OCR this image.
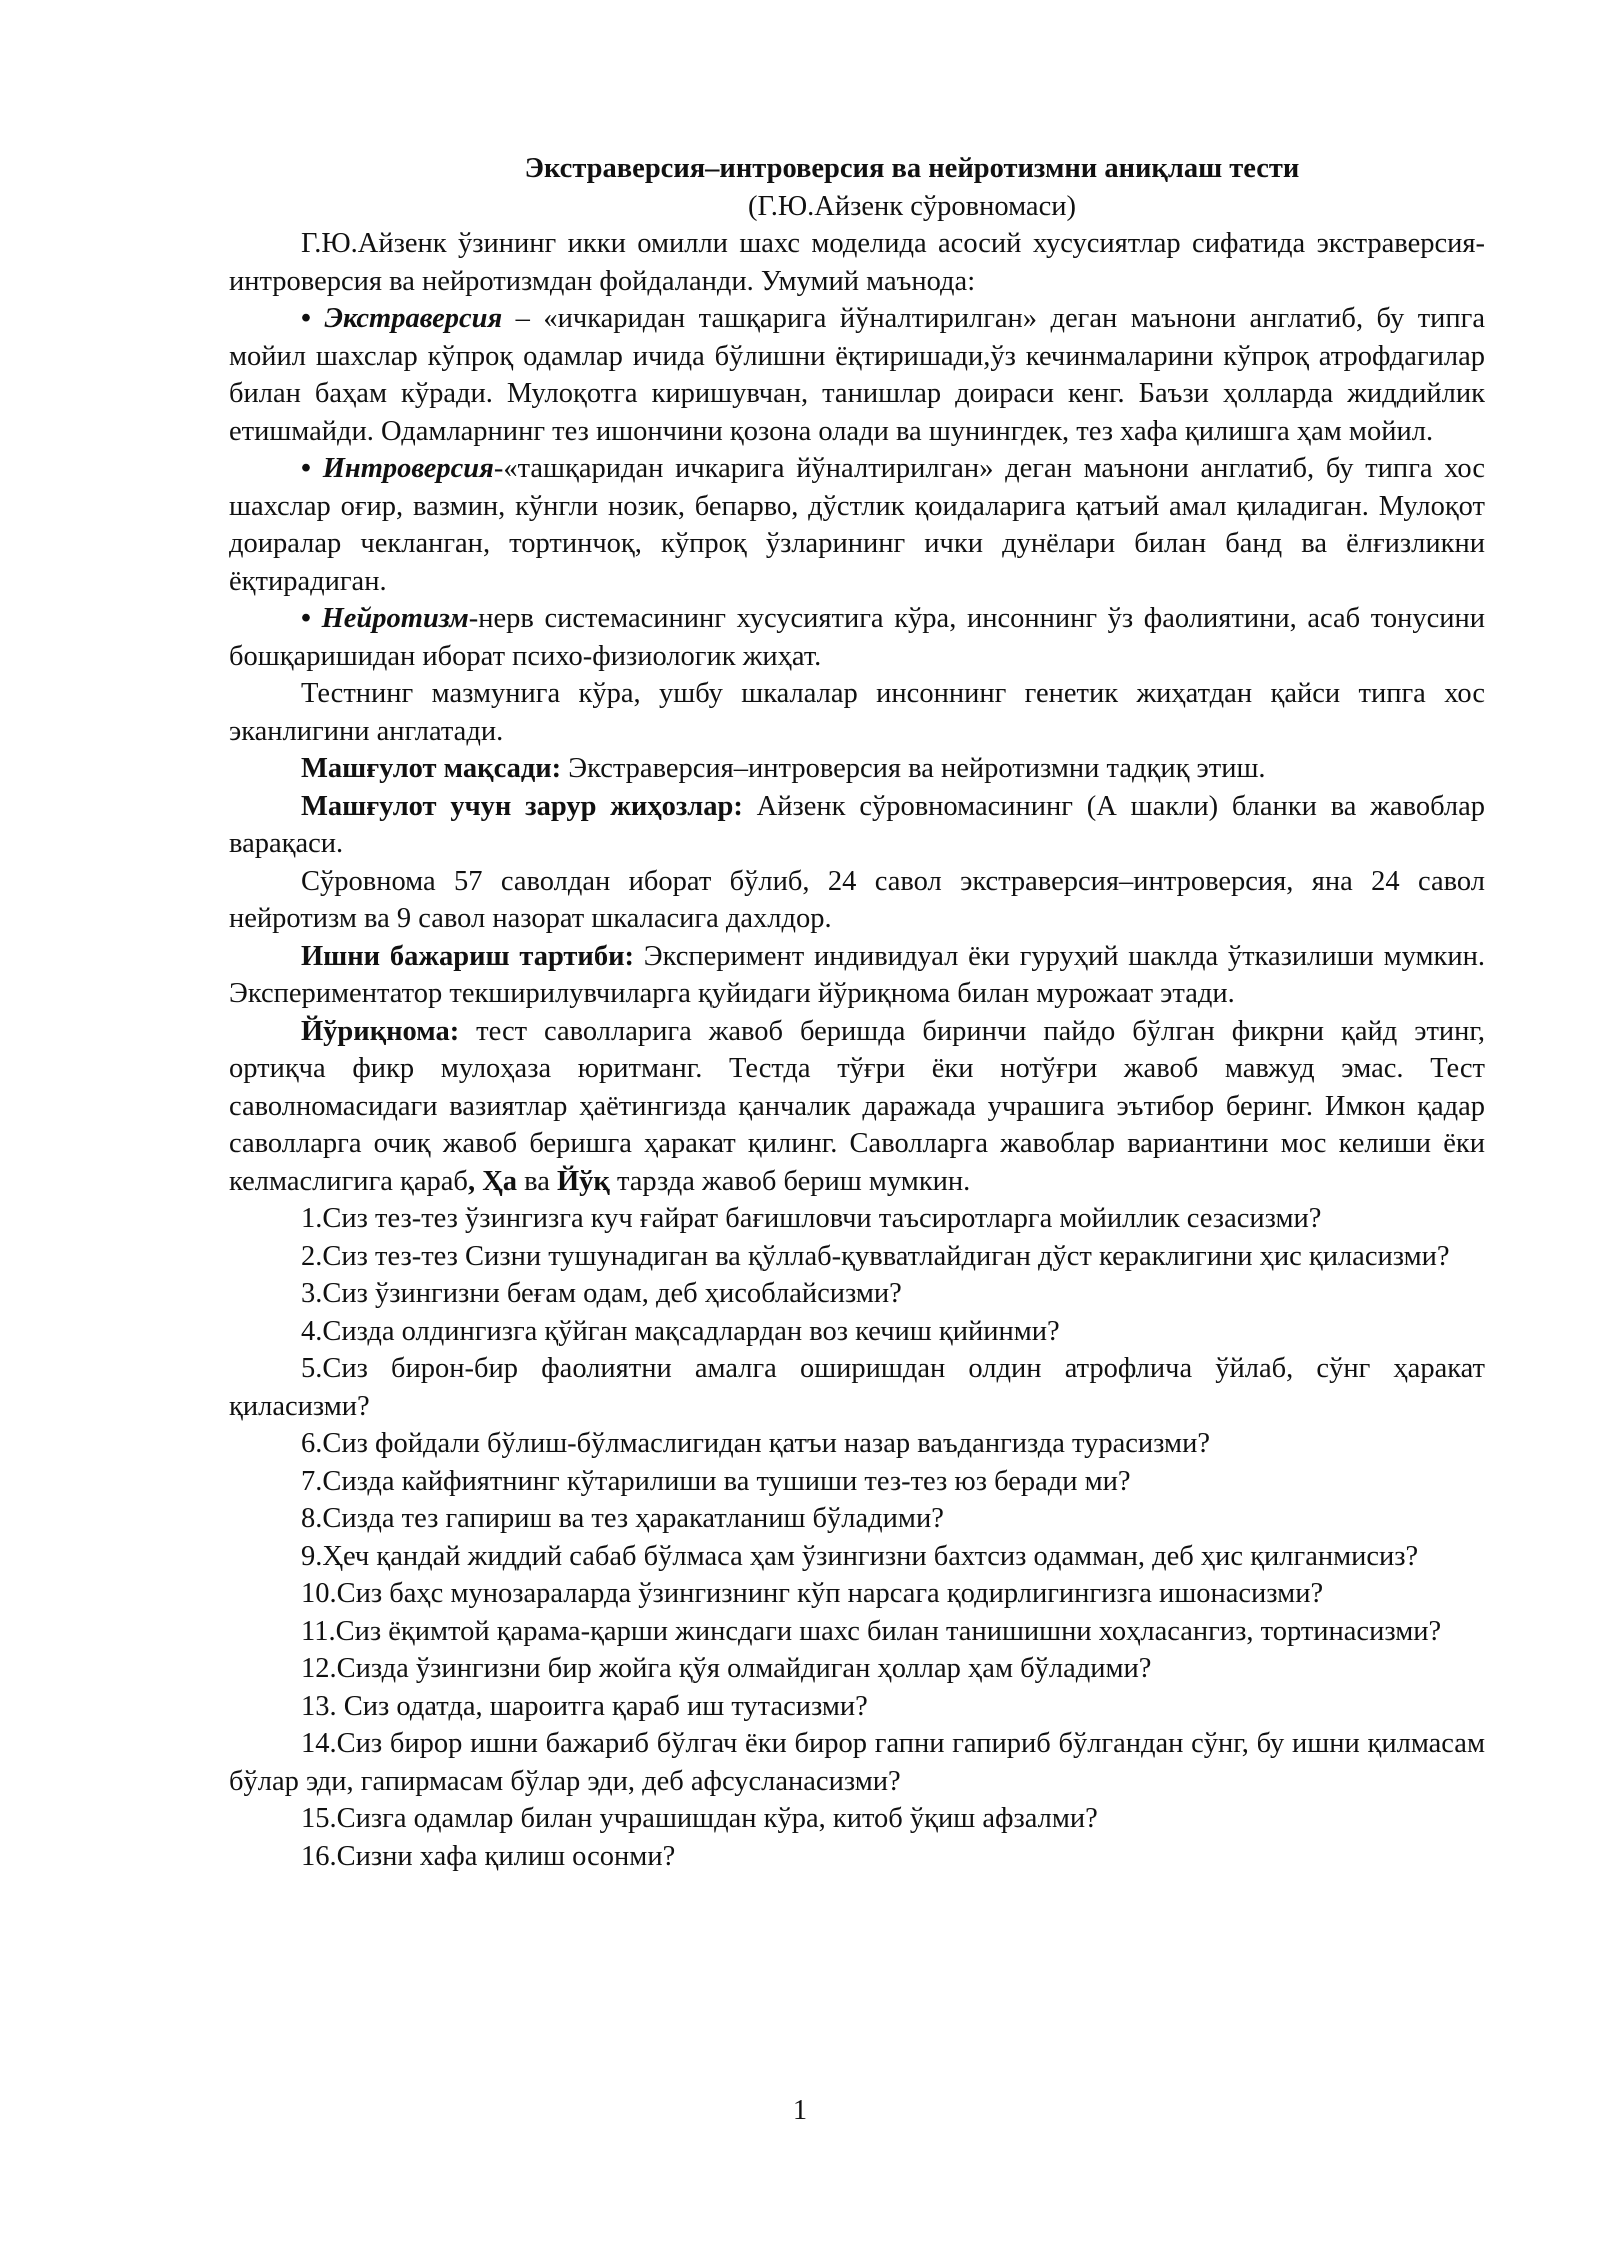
Экстраверсия–интроверсия ва нейротизмни аниқлаш тести

(Г.Ю.Айзенк сўровномаси)

Г.Ю.Айзенк ўзининг икки омилли шахс моделида асосий хусусиятлар сифатида экстраверсия-интроверсия ва нейротизмдан фойдаланди. Умумий маънода:

• Экстраверсия – «ичкаридан ташқарига йўналтирилган» деган маънони англатиб, бу типга мойил шахслар кўпроқ одамлар ичида бўлишни ёқтиришади,ўз кечинмаларини кўпроқ атрофдагилар билан баҳам кўради. Мулоқотга киришувчан, танишлар доираси кенг. Баъзи ҳолларда жиддийлик етишмайди. Одамларнинг тез ишончини қозона олади ва шунингдек, тез хафа қилишга ҳам мойил.

• Интроверсия-«ташқаридан ичкарига йўналтирилган» деган маънони англатиб, бу типга хос шахслар оғир, вазмин, кўнгли нозик, бепарво, дўстлик қоидаларига қатъий амал қиладиган. Мулоқот доиралар чекланган, тортинчоқ, кўпроқ ўзларининг ички дунёлари билан банд ва ёлғизликни ёқтирадиган.

• Нейротизм-нерв системасининг хусусиятига кўра, инсоннинг ўз фаолиятини, асаб тонусини бошқаришидан иборат психо-физиологик жиҳат.

Тестнинг мазмунига кўра, ушбу шкалалар инсоннинг генетик жиҳатдан қайси типга хос эканлигини англатади.

Машғулот мақсади: Экстраверсия–интроверсия ва нейротизмни тадқиқ этиш.

Машғулот учун зарур жиҳозлар: Айзенк сўровномасининг (А шакли) бланки ва жавоблар варақаси.

Сўровнома 57 саволдан иборат бўлиб, 24 савол экстраверсия–интроверсия, яна 24 савол нейротизм ва 9 савол назорат шкаласига дахлдор.

Ишни бажариш тартиби: Эксперимент индивидуал ёки гуруҳий шаклда ўтказилиши мумкин. Экспериментатор текширилувчиларга қуйидаги йўриқнома билан мурожаат этади.

Йўриқнома: тест саволларига жавоб беришда биринчи пайдо бўлган фикрни қайд этинг, ортиқча фикр мулоҳаза юритманг. Тестда тўғри ёки нотўғри жавоб мавжуд эмас. Тест саволномасидаги вазиятлар ҳаётингизда қанчалик даражада учрашига эътибор беринг. Имкон қадар саволларга очиқ жавоб беришга ҳаракат қилинг. Саволларга жавоблар вариантини мос келиши ёки келмаслигига қараб, Ҳа ва Йўқ тарзда жавоб бериш мумкин.

1.Сиз тез-тез ўзингизга куч ғайрат бағишловчи таъсиротларга мойиллик сезасизми?

2.Сиз тез-тез Сизни тушунадиган ва қўллаб-қувватлайдиган дўст кераклигини ҳис қиласизми?

3.Сиз ўзингизни беғам одам, деб ҳисоблайсизми?

4.Сизда олдингизга қўйган мақсадлардан воз кечиш қийинми?

5.Сиз бирон-бир фаолиятни амалга оширишдан олдин атрофлича ўйлаб, сўнг ҳаракат қиласизми?

6.Сиз фойдали бўлиш-бўлмаслигидан қатъи назар ваъдангизда турасизми?

7.Сизда кайфиятнинг кўтарилиши ва тушиши тез-тез юз беради ми?

8.Сизда тез гапириш ва тез ҳаракатланиш бўладими?

9.Ҳеч қандай жиддий сабаб бўлмаса ҳам ўзингизни бахтсиз одамман, деб ҳис қилганмисиз?

10.Сиз баҳс мунозараларда ўзингизнинг кўп нарсага қодирлигингизга ишонасизми?

11.Сиз ёқимтой қарама-қарши жинсдаги шахс билан танишишни хоҳласангиз, тортинасизми?

12.Сизда ўзингизни бир жойга қўя олмайдиган ҳоллар ҳам бўладими?

13. Сиз одатда, шароитга қараб иш тутасизми?

14.Сиз бирор ишни бажариб бўлгач ёки бирор гапни гапириб бўлгандан сўнг, бу ишни қилмасам бўлар эди, гапирмасам бўлар эди, деб афсусланасизми?

15.Сизга одамлар билан учрашишдан кўра, китоб ўқиш афзалми?

16.Сизни хафа қилиш осонми?

1
